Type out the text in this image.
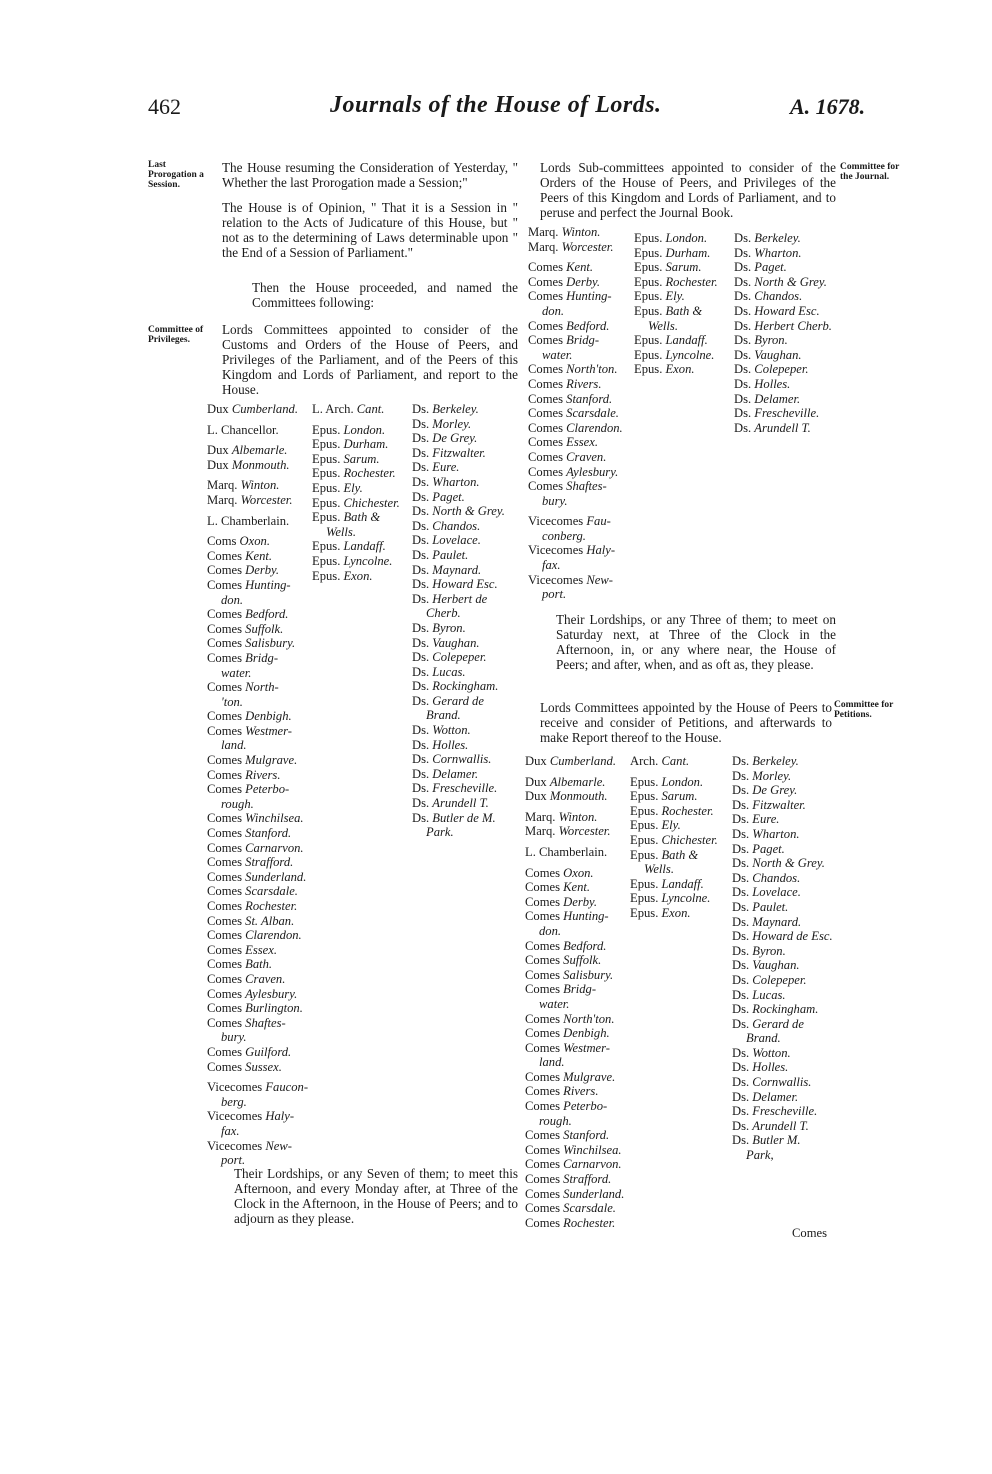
462	Journals of the House of Lords.	A. 1678.
Last Prorogation a Session.
Committee of Privileges.
Committee for the Journal.
Committee for Petitions.
The House resuming the Consideration of Yesterday, " Whether the last Prorogation made a Session;"
The House is of Opinion, " That it is a Session in " relation to the Acts of Judicature of this House, but " not as to the determining of Laws determinable upon " the End of a Session of Parliament."
Then the House proceeded, and named the Committees following:
Lords Committees appointed to consider of the Customs and Orders of the House of Peers, and Privileges of the Parliament, and of the Peers of this Kingdom and Lords of Parliament, and report to the House.
Dux Cumberland.
L. Chancellor.
Dux Albemarle.
Dux Monmouth.
Marq. Winton.
Marq. Worcester.
L. Chamberlain.
Coms Oxon.
Comes Kent.
Comes Derby.
Comes Hunting-
don.
Comes Bedford.
Comes Suffolk.
Comes Salisbury.
Comes Bridg-
water.
Comes North-
'ton.
Comes Denbigh.
Comes Westmer-
land.
Comes Mulgrave.
Comes Rivers.
Comes Peterbo-
rough.
Comes Winchilsea.
Comes Stanford.
Comes Carnarvon.
Comes Strafford.
Comes Sunderland.
Comes Scarsdale.
Comes Rochester.
Comes St. Alban.
Comes Clarendon.
Comes Essex.
Comes Bath.
Comes Craven.
Comes Aylesbury.
Comes Burlington.
Comes Shaftes-
bury.
Comes Guilford.
Comes Sussex.
Vicecomes Faucon-
berg.
Vicecomes Haly-
fax.
Vicecomes New-
port.
L. Arch. Cant.
Epus. London.
Epus. Durham.
Epus. Sarum.
Epus. Rochester.
Epus. Ely.
Epus. Chichester.
Epus. Bath &
Wells.
Epus. Landaff.
Epus. Lyncolne.
Epus. Exon.
Ds. Berkeley.
Ds. Morley.
Ds. De Grey.
Ds. Fitzwalter.
Ds. Eure.
Ds. Wharton.
Ds. Paget.
Ds. North & Grey.
Ds. Chandos.
Ds. Lovelace.
Ds. Paulet.
Ds. Maynard.
Ds. Howard Esc.
Ds. Herbert de
Cherb.
Ds. Byron.
Ds. Vaughan.
Ds. Colepeper.
Ds. Lucas.
Ds. Rockingham.
Ds. Gerard de
Brand.
Ds. Wotton.
Ds. Holles.
Ds. Cornwallis.
Ds. Delamer.
Ds. Frescheville.
Ds. Arundell T.
Ds. Butler de M.
Park.
Their Lordships, or any Seven of them; to meet this Afternoon, and every Monday after, at Three of the Clock in the Afternoon, in the House of Peers; and to adjourn as they please.
Lords Sub-committees appointed to consider of the Orders of the House of Peers, and Privileges of the Peers of this Kingdom and Lords of Parliament, and to peruse and perfect the Journal Book.
Marq. Winton.
Marq. Worcester.
Comes Kent.
Comes Derby.
Comes Hunting-
don.
Comes Bedford.
Comes Bridg-
water.
Comes North'ton.
Comes Rivers.
Comes Stanford.
Comes Scarsdale.
Comes Clarendon.
Comes Essex.
Comes Craven.
Comes Aylesbury.
Comes Shaftes-
bury.
Vicecomes Fau-
conberg.
Vicecomes Haly-
fax.
Vicecomes New-
port.
Epus. London.
Epus. Durham.
Epus. Sarum.
Epus. Rochester.
Epus. Ely.
Epus. Bath &
Wells.
Epus. Landaff.
Epus. Lyncolne.
Epus. Exon.
Ds. Berkeley.
Ds. Wharton.
Ds. Paget.
Ds. North & Grey.
Ds. Chandos.
Ds. Howard Esc.
Ds. Herbert Cherb.
Ds. Byron.
Ds. Vaughan.
Ds. Colepeper.
Ds. Holles.
Ds. Delamer.
Ds. Frescheville.
Ds. Arundell T.
Their Lordships, or any Three of them; to meet on Saturday next, at Three of the Clock in the Afternoon, in, or any where near, the House of Peers; and after, when, and as oft as, they please.
Lords Committees appointed by the House of Peers to receive and consider of Petitions, and afterwards to make Report thereof to the House.
Dux Cumberland.
Dux Albemarle.
Dux Monmouth.
Marq. Winton.
Marq. Worcester.
L. Chamberlain.
Comes Oxon.
Comes Kent.
Comes Derby.
Comes Hunting-
don.
Comes Bedford.
Comes Suffolk.
Comes Salisbury.
Comes Bridg-
water.
Comes North'ton.
Comes Denbigh.
Comes Westmer-
land.
Comes Mulgrave.
Comes Rivers.
Comes Peterbo-
rough.
Comes Stanford.
Comes Winchilsea.
Comes Carnarvon.
Comes Strafford.
Comes Sunderland.
Comes Scarsdale.
Comes Rochester.
Arch. Cant.
Epus. London.
Epus. Sarum.
Epus. Rochester.
Epus. Ely.
Epus. Chichester.
Epus. Bath &
Wells.
Epus. Landaff.
Epus. Lyncolne.
Epus. Exon.
Ds. Berkeley.
Ds. Morley.
Ds. De Grey.
Ds. Fitzwalter.
Ds. Eure.
Ds. Wharton.
Ds. Paget.
Ds. North & Grey.
Ds. Chandos.
Ds. Lovelace.
Ds. Paulet.
Ds. Maynard.
Ds. Howard de Esc.
Ds. Byron.
Ds. Vaughan.
Ds. Colepeper.
Ds. Lucas.
Ds. Rockingham.
Ds. Gerard de
Brand.
Ds. Wotton.
Ds. Holles.
Ds. Cornwallis.
Ds. Delamer.
Ds. Frescheville.
Ds. Arundell T.
Ds. Butler M.
Park,
Comes
